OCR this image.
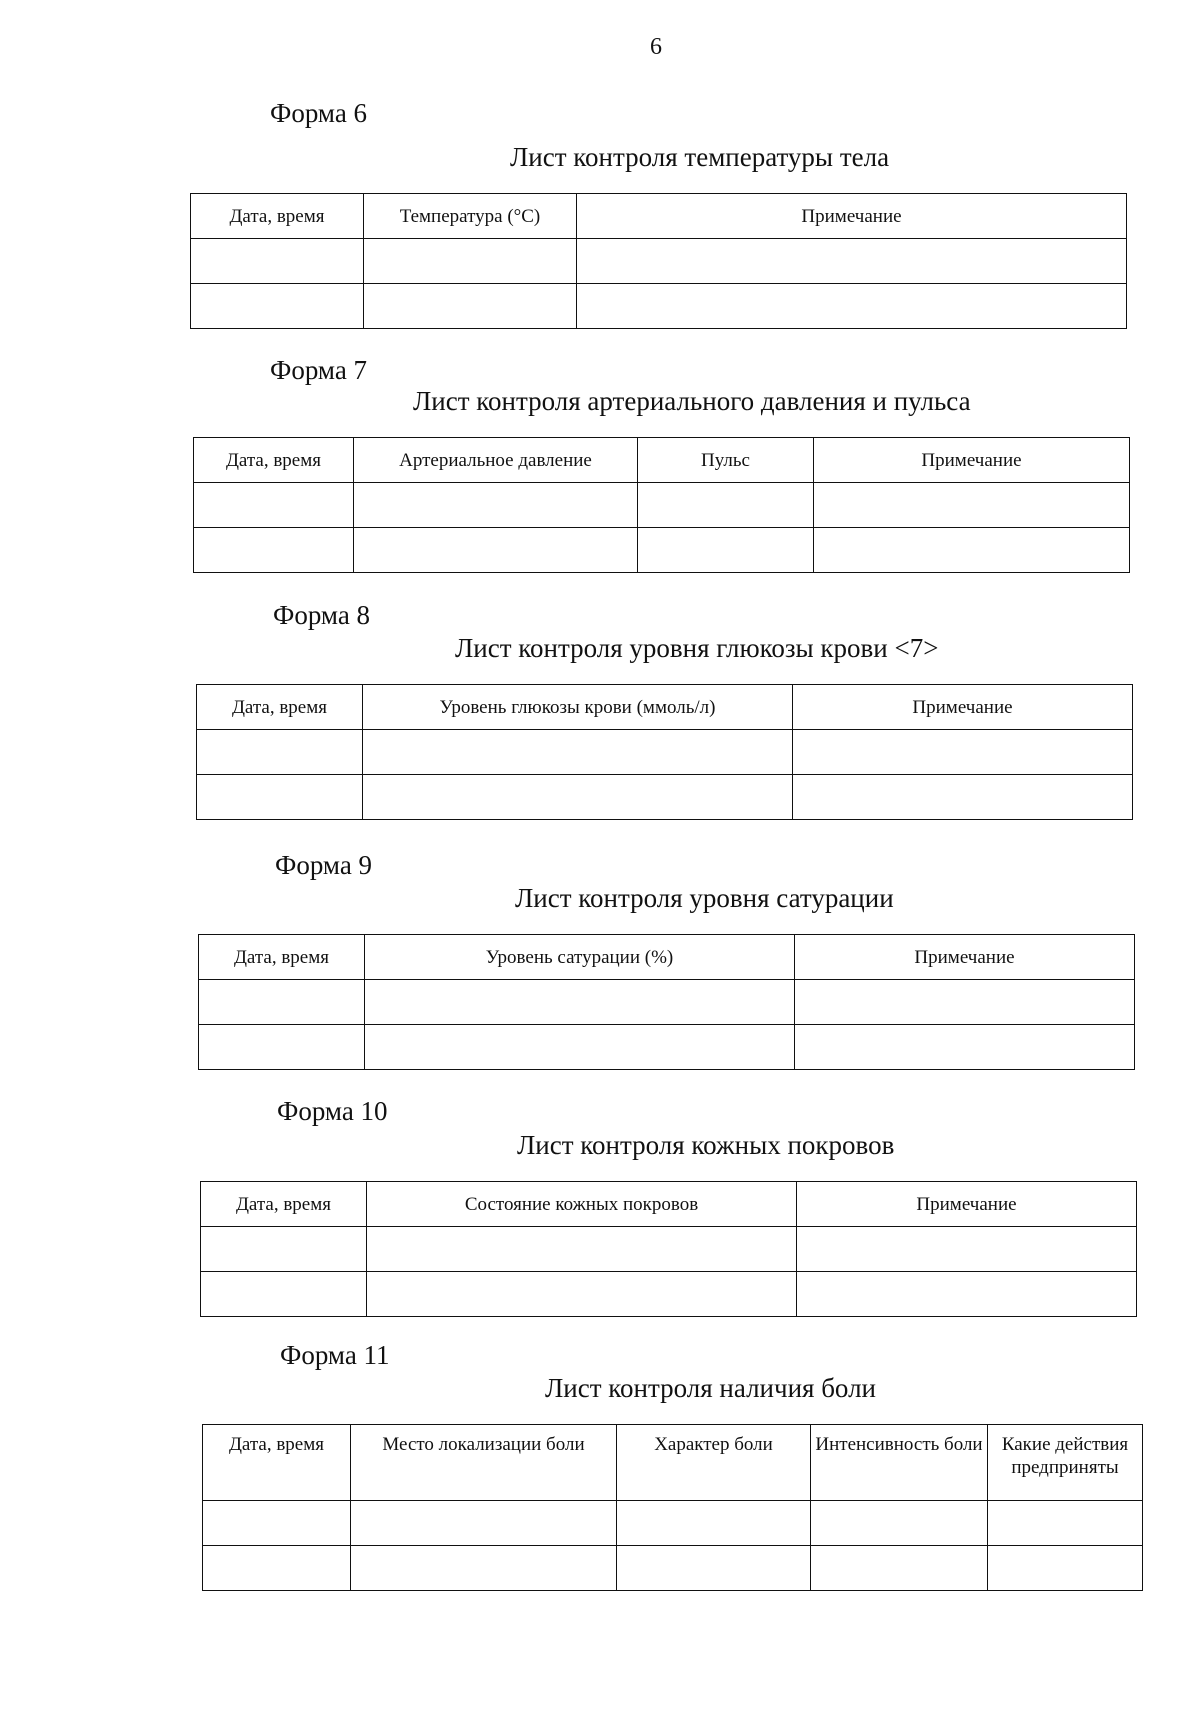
6
Форма 6
Лист контроля температуры тела
Дата, время	Температура (°C)	Примечание

Форма 7
Лист контроля артериального давления и пульса
Дата, время	Артериальное давление	Пульс	Примечание

Форма 8
Лист контроля уровня глюкозы крови <7>
Дата, время	Уровень глюкозы крови (ммоль/л)	Примечание

Форма 9
Лист контроля уровня сатурации
Дата, время	Уровень сатурации (%)	Примечание

Форма 10
Лист контроля кожных покровов
Дата, время	Состояние кожных покровов	Примечание

Форма 11
Лист контроля наличия боли
Дата, время	Место локализации боли	Характер боли	Интенсивность боли	Какие действия предприняты
